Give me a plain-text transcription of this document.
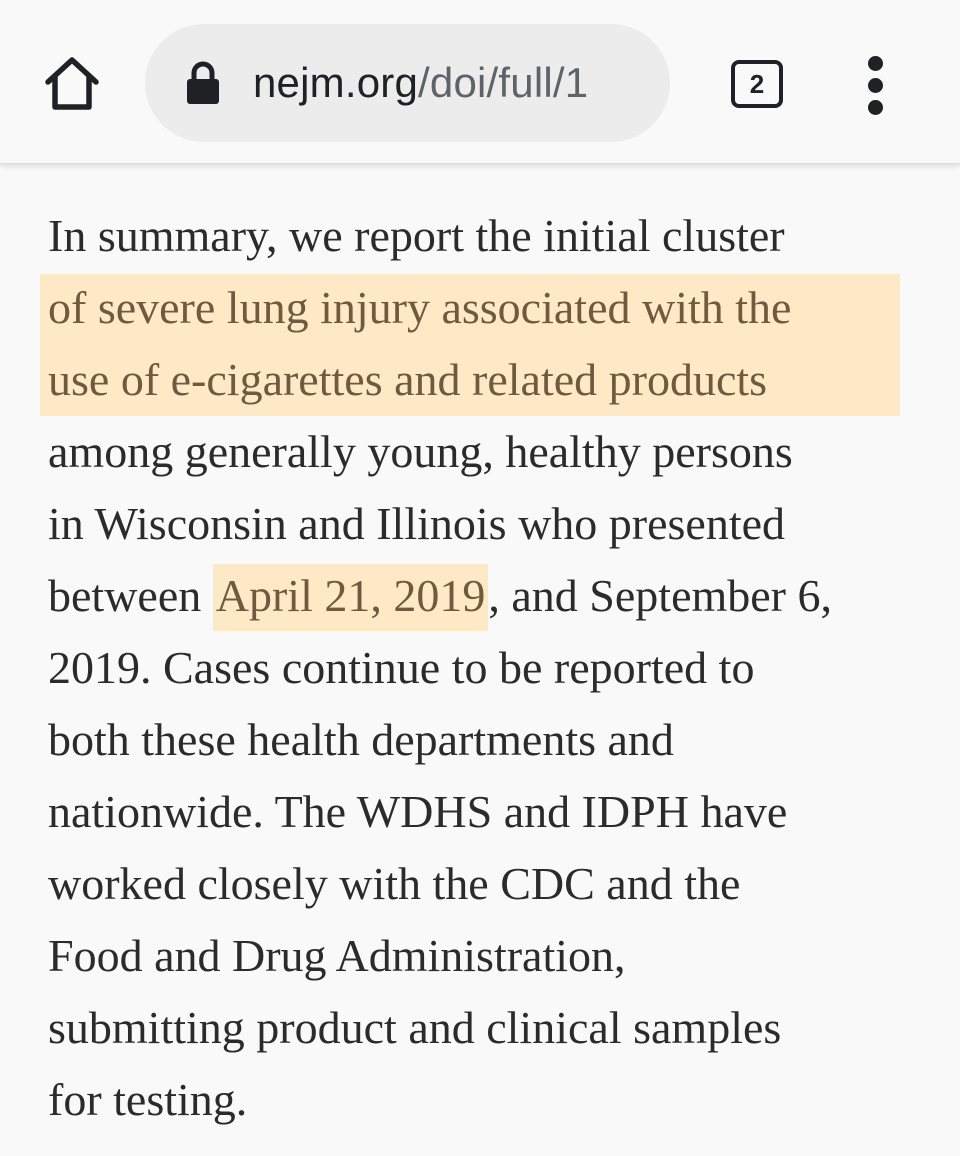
nejm.org/doi/full/1	2
In summary, we report the initial cluster
of severe lung injury associated with the
use of e-cigarettes and related products
among generally young, healthy persons
in Wisconsin and Illinois who presented
between April 21, 2019, and September 6,
2019. Cases continue to be reported to
both these health departments and
nationwide. The WDHS and IDPH have
worked closely with the CDC and the
Food and Drug Administration,
submitting product and clinical samples
for testing.
